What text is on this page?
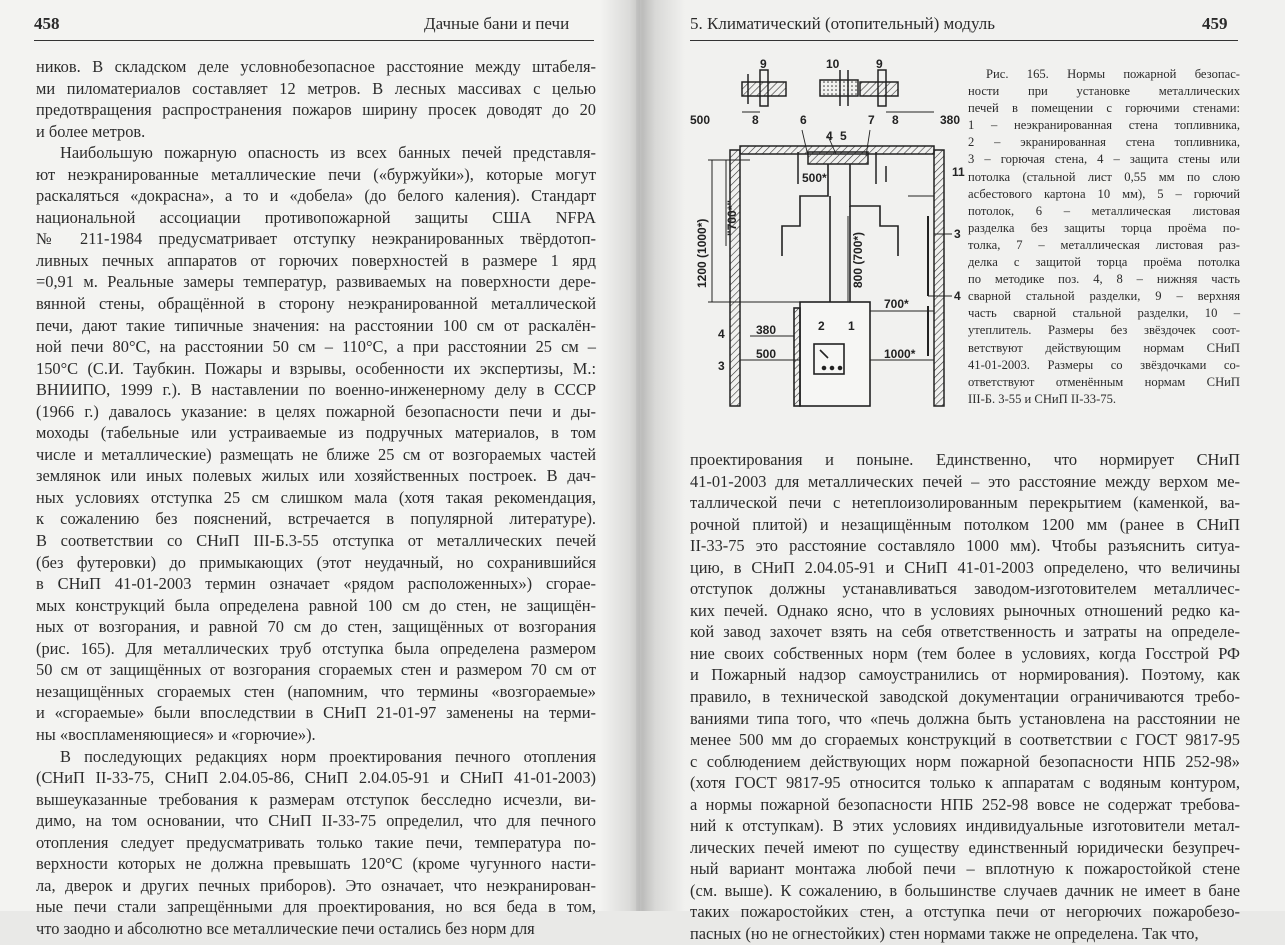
458	Дачные бани и печи
ников. В складском деле условнобезопасное расстояние между штабеля-
ми пиломатериалов составляет 12 метров. В лесных массивах с целью
предотвращения распространения пожаров ширину просек доводят до 20
и более метров.
Наибольшую пожарную опасность из всех банных печей представля-
ют неэкранированные металлические печи («буржуйки»), которые могут
раскаляться «докрасна», а то и «добела» (до белого каления). Стандарт
национальной ассоциации противопожарной защиты США NFPA
№ 211-1984 предусматривает отступку неэкранированных твёрдотоп-
ливных печных аппаратов от горючих поверхностей в размере 1 ярд
=0,91 м. Реальные замеры температур, развиваемых на поверхности дере-
вянной стены, обращённой в сторону неэкранированной металлической
печи, дают такие типичные значения: на расстоянии 100 см от раскалён-
ной печи 80°С, на расстоянии 50 см – 110°С, а при расстоянии 25 см –
150°С (С.И. Таубкин. Пожары и взрывы, особенности их экспертизы, М.:
ВНИИПО, 1999 г.). В наставлении по военно-инженерному делу в СССР
(1966 г.) давалось указание: в целях пожарной безопасности печи и ды-
моходы (табельные или устраиваемые из подручных материалов, в том
числе и металлические) размещать не ближе 25 см от возгораемых частей
землянок или иных полевых жилых или хозяйственных построек. В дач-
ных условиях отступка 25 см слишком мала (хотя такая рекомендация,
к сожалению без пояснений, встречается в популярной литературе).
В соответствии со СНиП III-Б.3-55 отступка от металлических печей
(без футеровки) до примыкающих (этот неудачный, но сохранившийся
в СНиП 41-01-2003 термин означает «рядом расположенных») сгорае-
мых конструкций была определена равной 100 см до стен, не защищён-
ных от возгорания, и равной 70 см до стен, защищённых от возгорания
(рис. 165). Для металлических труб отступка была определена размером
50 см от защищённых от возгорания сгораемых стен и размером 70 см от
незащищённых сгораемых стен (напомним, что термины «возгораемые»
и «сгораемые» были впоследствии в СНиП 21-01-97 заменены на терми-
ны «воспламеняющиеся» и «горючие»).
В последующих редакциях норм проектирования печного отопления
(СНиП II-33-75, СНиП 2.04.05-86, СНиП 2.04.05-91 и СНиП 41-01-2003)
вышеуказанные требования к размерам отступок бесследно исчезли, ви-
димо, на том основании, что СНиП II-33-75 определил, что для печного
отопления следует предусматривать только такие печи, температура по-
верхности которых не должна превышать 120°С (кроме чугунного насти-
ла, дверок и других печных приборов). Это означает, что неэкранирован-
ные печи стали запрещёнными для проектирования, но вся беда в том,
что заодно и абсолютно все металлические печи остались без норм для
5. Климатический (отопительный) модуль	459
9	10	9
500	8	6	7 8	380
4 5
11
500*
"700*"
1200 (1000*)	800 (700*)	3
4
700*
380	2 1
4
500	1000*
3
Рис. 165. Нормы пожарной безопас-
ности при установке металлических
печей в помещении с горючими стенами:
1 – неэкранированная стена топливника,
2 – экранированная стена топливника,
3 – горючая стена, 4 – защита стены или
потолка (стальной лист 0,55 мм по слою
асбестового картона 10 мм), 5 – горючий
потолок, 6 – металлическая листовая
разделка без защиты торца проёма по-
толка, 7 – металлическая листовая раз-
делка с защитой торца проёма потолка
по методике поз. 4, 8 – нижняя часть
сварной стальной разделки, 9 – верхняя
часть сварной стальной разделки, 10 –
утеплитель. Размеры без звёздочек соот-
ветствуют действующим нормам СНиП
41-01-2003. Размеры со звёздочками со-
ответствуют отменённым нормам СНиП
III-Б. 3-55 и СНиП II-33-75.
проектирования и поныне. Единственно, что нормирует СНиП
41-01-2003 для металлических печей – это расстояние между верхом ме-
таллической печи с нетеплоизолированным перекрытием (каменкой, ва-
рочной плитой) и незащищённым потолком 1200 мм (ранее в СНиП
II-33-75 это расстояние составляло 1000 мм). Чтобы разъяснить ситуа-
цию, в СНиП 2.04.05-91 и СНиП 41-01-2003 определено, что величины
отступок должны устанавливаться заводом-изготовителем металличес-
ких печей. Однако ясно, что в условиях рыночных отношений редко ка-
кой завод захочет взять на себя ответственность и затраты на определе-
ние своих собственных норм (тем более в условиях, когда Госстрой РФ
и Пожарный надзор самоустранились от нормирования). Поэтому, как
правило, в технической заводской документации ограничиваются требо-
ваниями типа того, что «печь должна быть установлена на расстоянии не
менее 500 мм до сгораемых конструкций в соответствии с ГОСТ 9817-95
с соблюдением действующих норм пожарной безопасности НПБ 252-98»
(хотя ГОСТ 9817-95 относится только к аппаратам с водяным контуром,
а нормы пожарной безопасности НПБ 252-98 вовсе не содержат требова-
ний к отступкам). В этих условиях индивидуальные изготовители метал-
лических печей имеют по существу единственный юридически безупреч-
ный вариант монтажа любой печи – вплотную к пожаростойкой стене
(см. выше). К сожалению, в большинстве случаев дачник не имеет в бане
таких пожаростойких стен, а отступка печи от негорючих пожаробезо-
пасных (но не огнестойких) стен нормами также не определена. Так что,
